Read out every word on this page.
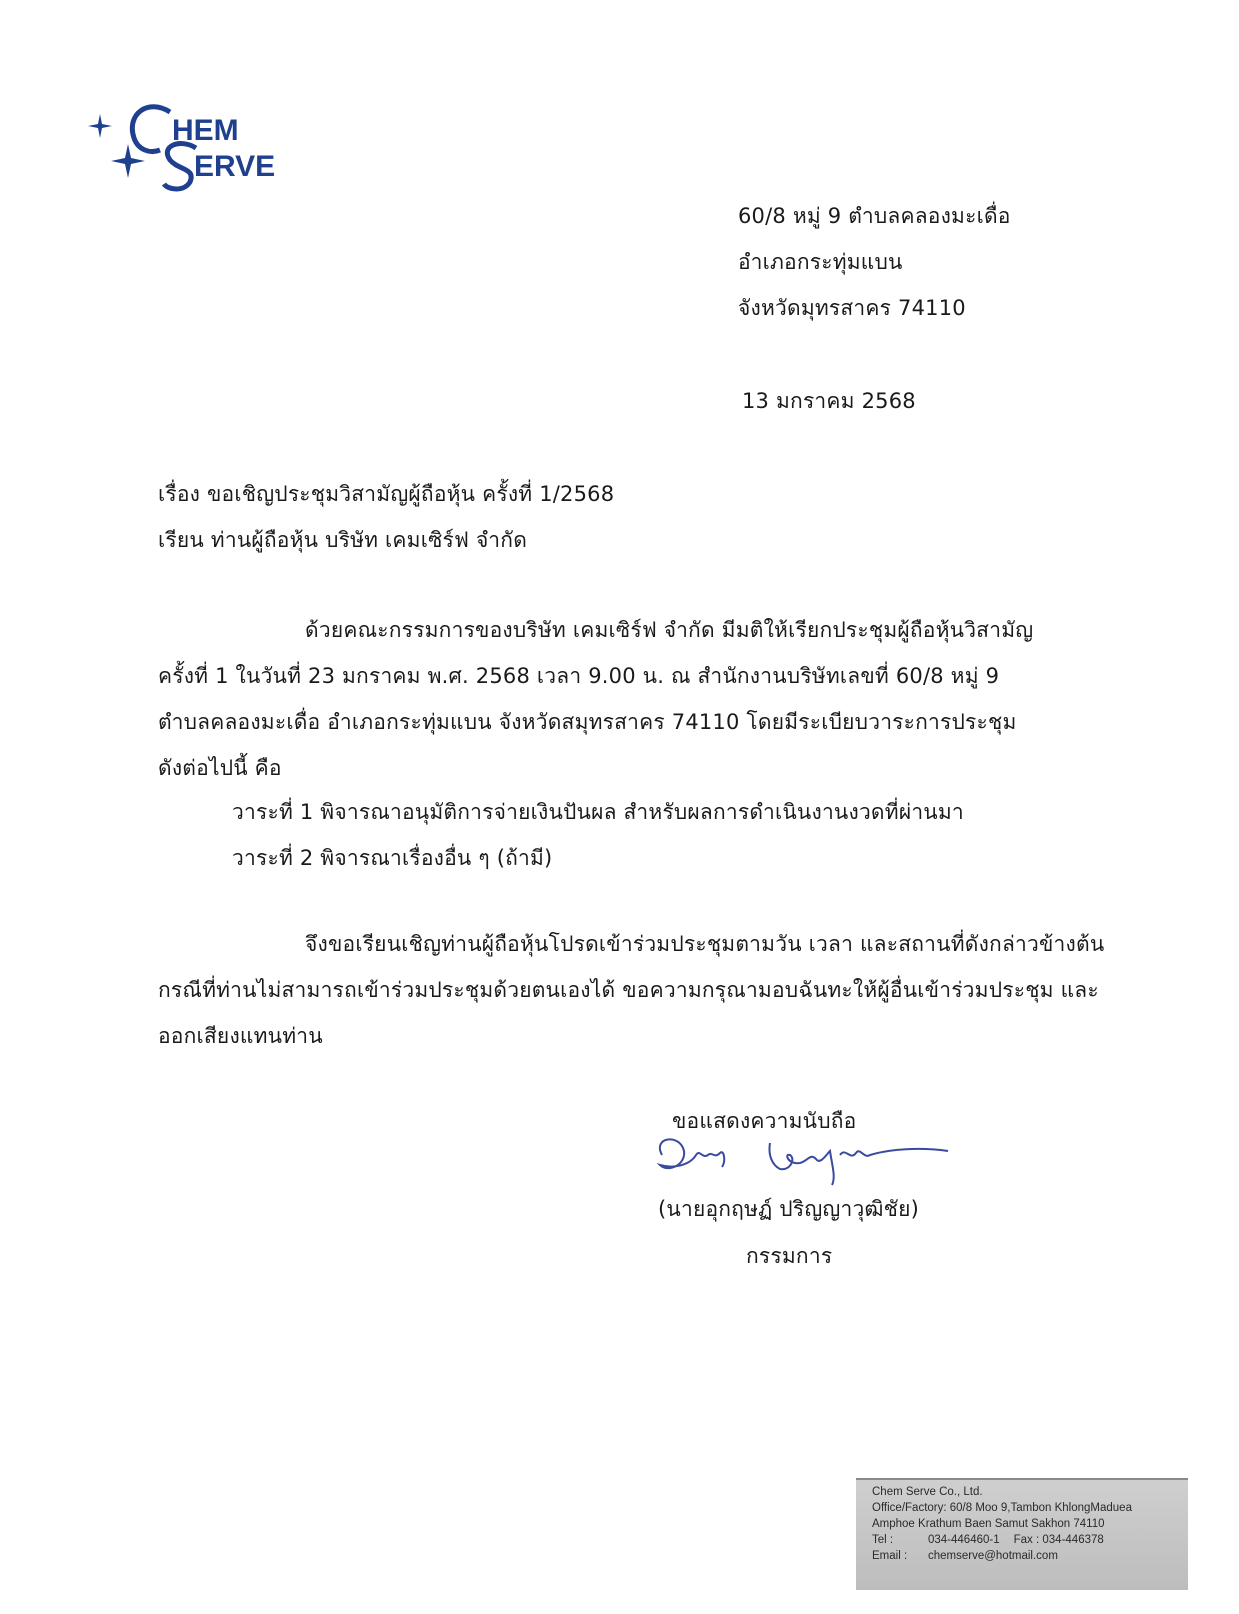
HEM
ERVE
60/8 หมู่ 9 ตำบลคลองมะเดื่อ
อำเภอกระทุ่มแบน
จังหวัดมุทรสาคร 74110
13 มกราคม 2568
เรื่อง ขอเชิญประชุมวิสามัญผู้ถือหุ้น ครั้งที่ 1/2568
เรียน ท่านผู้ถือหุ้น บริษัท เคมเซิร์ฟ จำกัด
ด้วยคณะกรรมการของบริษัท เคมเซิร์ฟ จำกัด มีมติให้เรียกประชุมผู้ถือหุ้นวิสามัญ
ครั้งที่ 1 ในวันที่ 23 มกราคม พ.ศ. 2568 เวลา 9.00 น. ณ สำนักงานบริษัทเลขที่ 60/8 หมู่ 9
ตำบลคลองมะเดื่อ อำเภอกระทุ่มแบน จังหวัดสมุทรสาคร 74110 โดยมีระเบียบวาระการประชุม
ดังต่อไปนี้ คือ
วาระที่ 1 พิจารณาอนุมัติการจ่ายเงินปันผล สำหรับผลการดำเนินงานงวดที่ผ่านมา
วาระที่ 2 พิจารณาเรื่องอื่น ๆ (ถ้ามี)
จึงขอเรียนเชิญท่านผู้ถือหุ้นโปรดเข้าร่วมประชุมตามวัน เวลา และสถานที่ดังกล่าวข้างต้น
กรณีที่ท่านไม่สามารถเข้าร่วมประชุมด้วยตนเองได้ ขอความกรุณามอบฉันทะให้ผู้อื่นเข้าร่วมประชุม และ
ออกเสียงแทนท่าน
ขอแสดงความนับถือ
(นายอุกฤษฏ์ ปริญญาวุฒิชัย)
กรรมการ
Chem Serve Co., Ltd.
Office/Factory: 60/8 Moo 9,Tambon KhlongMaduea
Amphoe Krathum Baen Samut Sakhon 74110
Tel :	034-446460-1 Fax : 034-446378
Email : chemserve@hotmail.com
